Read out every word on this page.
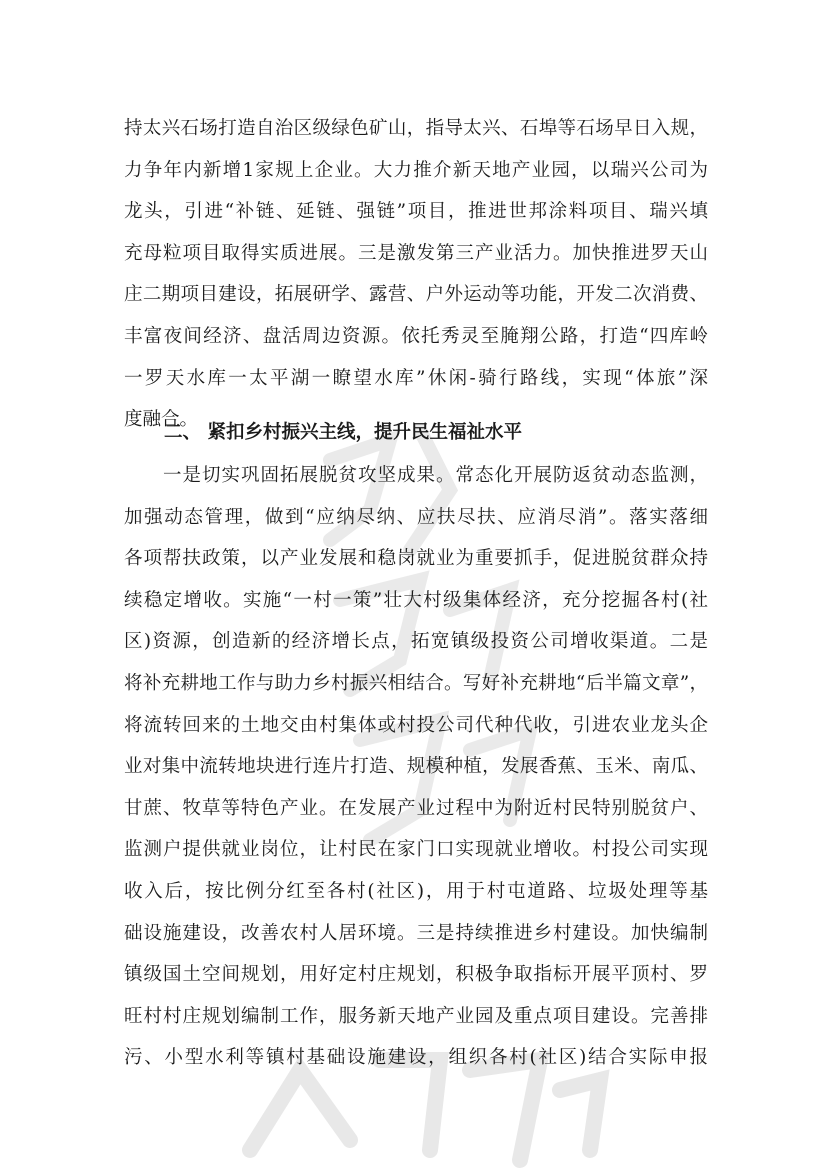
持太兴石场打造自治区级绿色矿山，指导太兴、石埠等石场早日入规，
力争年内新增1家规上企业。大力推介新天地产业园，以瑞兴公司为
龙头，引进“补链、延链、强链”项目，推进世邦涂料项目、瑞兴填
充母粒项目取得实质进展。三是激发第三产业活力。加快推进罗天山
庄二期项目建设，拓展研学、露营、户外运动等功能，开发二次消费、
丰富夜间经济、盘活周边资源。依托秀灵至腌翔公路，打造“四库岭
一罗天水库一太平湖一瞭望水库”休闲-骑行路线，实现“体旅”深
度融合。
二、 紧扣乡村振兴主线，提升民生福祉水平
　　一是切实巩固拓展脱贫攻坚成果。常态化开展防返贫动态监测，
加强动态管理，做到“应纳尽纳、应扶尽扶、应消尽消”。落实落细
各项帮扶政策，以产业发展和稳岗就业为重要抓手，促进脱贫群众持
续稳定增收。实施“一村一策”壮大村级集体经济，充分挖掘各村(社
区)资源，创造新的经济增长点，拓宽镇级投资公司增收渠道。二是
将补充耕地工作与助力乡村振兴相结合。写好补充耕地“后半篇文章”，
将流转回来的土地交由村集体或村投公司代种代收，引进农业龙头企
业对集中流转地块进行连片打造、规模种植，发展香蕉、玉米、南瓜、
甘蔗、牧草等特色产业。在发展产业过程中为附近村民特别脱贫户、
监测户提供就业岗位，让村民在家门口实现就业增收。村投公司实现
收入后，按比例分红至各村(社区)，用于村屯道路、垃圾处理等基
础设施建设，改善农村人居环境。三是持续推进乡村建设。加快编制
镇级国土空间规划，用好定村庄规划，积极争取指标开展平顶村、罗
旺村村庄规划编制工作，服务新天地产业园及重点项目建设。完善排
污、小型水利等镇村基础设施建设，组织各村(社区)结合实际申报
